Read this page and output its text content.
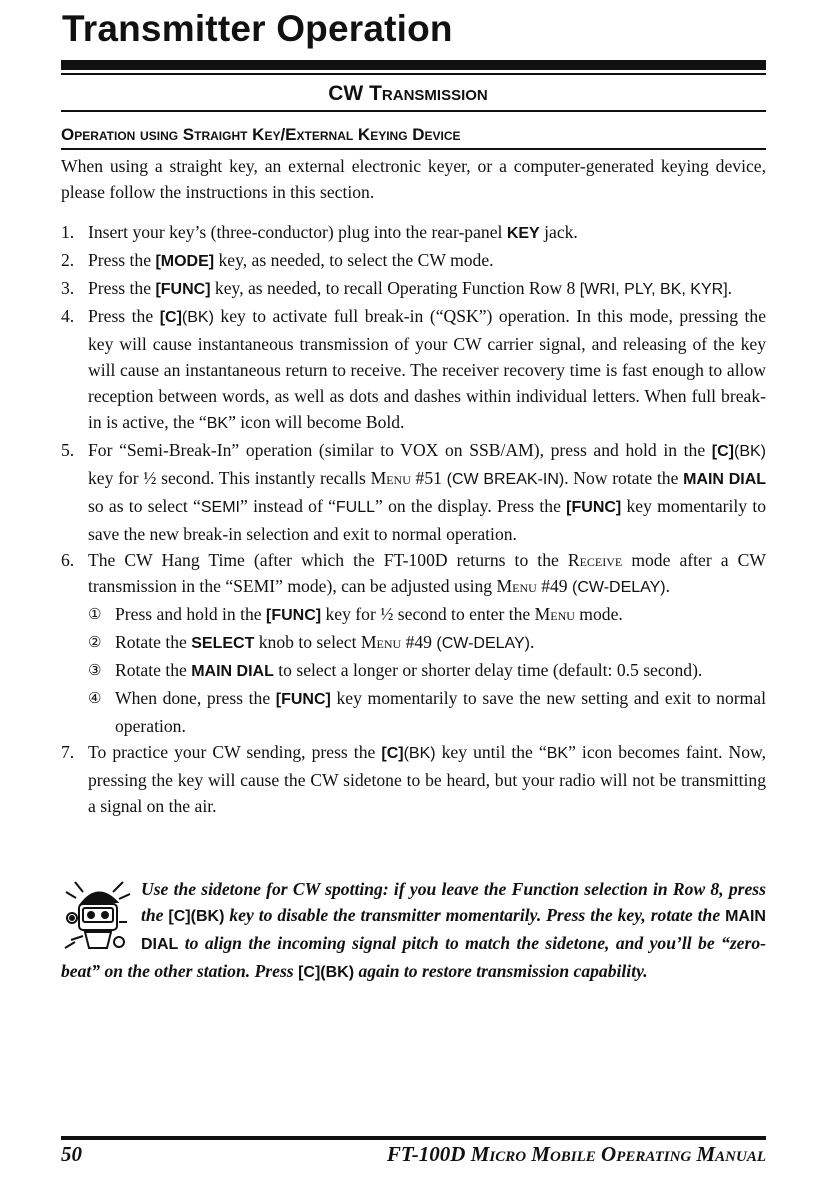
Transmitter Operation
CW Transmission
Operation using Straight Key/External Keying Device
When using a straight key, an external electronic keyer, or a computer-generated keying device, please follow the instructions in this section.
1. Insert your key’s (three-conductor) plug into the rear-panel KEY jack.
2. Press the [MODE] key, as needed, to select the CW mode.
3. Press the [FUNC] key, as needed, to recall Operating Function Row 8 [WRI, PLY, BK, KYR].
4. Press the [C](BK) key to activate full break-in (“QSK”) operation. In this mode, pressing the key will cause instantaneous transmission of your CW carrier signal, and releasing of the key will cause an instantaneous return to receive. The receiver recovery time is fast enough to allow reception between words, as well as dots and dashes within individual letters. When full break-in is active, the “BK” icon will become Bold.
5. For “Semi-Break-In” operation (similar to VOX on SSB/AM), press and hold in the [C](BK) key for ½ second. This instantly recalls Menu #51 (CW BREAK-IN). Now rotate the MAIN DIAL so as to select “SEMI” instead of “FULL” on the display. Press the [FUNC] key momentarily to save the new break-in selection and exit to normal operation.
6. The CW Hang Time (after which the FT-100D returns to the Receive mode after a CW transmission in the “SEMI” mode), can be adjusted using Menu #49 (CW-DELAY).
① Press and hold in the [FUNC] key for ½ second to enter the Menu mode.
② Rotate the SELECT knob to select Menu #49 (CW-DELAY).
③ Rotate the MAIN DIAL to select a longer or shorter delay time (default: 0.5 second).
④ When done, press the [FUNC] key momentarily to save the new setting and exit to normal operation.
7. To practice your CW sending, press the [C](BK) key until the “BK” icon becomes faint. Now, pressing the key will cause the CW sidetone to be heard, but your radio will not be transmitting a signal on the air.
Use the sidetone for CW spotting: if you leave the Function selection in Row 8, press the [C](BK) key to disable the transmitter momentarily. Press the key, rotate the MAIN DIAL to align the incoming signal pitch to match the sidetone, and you’ll be “zero-beat” on the other station. Press [C](BK) again to restore transmission capability.
50	FT-100D Micro Mobile Operating Manual
